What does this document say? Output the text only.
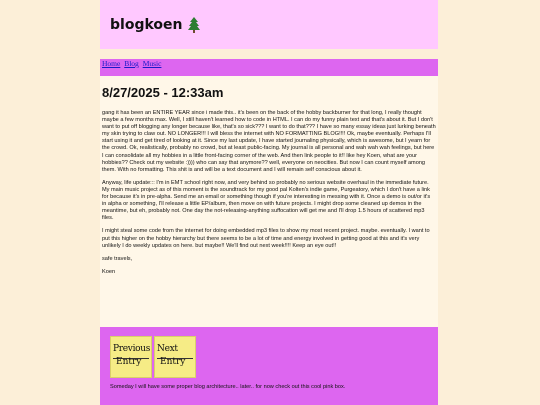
blogkoen
Home Blog Music
8/27/2025 - 12:33am

gang it has been an ENTIRE YEAR since i made this.. it's been on the back of the hobby backburner for that long, I really thought maybe a few months max. Well, I still haven't learned how to code in HTML. I can do my funny plain text and that's about it. But I don't want to put off blogging any longer because like, that's so sick??? I want to do that??? I have so many essay ideas just lurking beneath my skin trying to claw out. NO LONGER!!! I will bless the internet with NO FORMATTING BLOG!!!! Ok, maybe eventually. Perhaps I'll start using it and get tired of looking at it. Since my last update, I have started journaling physically, which is awesome, but I yearn for the crowd. Ok, realistically, probably no crowd, but at least public-facing. My journal is all personal and wah wah wah feelings, but here I can consolidate all my hobbies in a little front-facing corner of the web. And then link people to it!! like hey Koen, what are your hobbies?? Check out my website :)))) who can say that anymore?? well, everyone on neocities. But now I can count myself among them. With no formatting. This shit is and will be a text document and I will remain self conscious about it.

Anyway, life update::: I'm in EMT school right now, and very behind so probably no serious website overhaul in the immediate future. My main music project as of this moment is the soundtrack for my good pal Kolten's indie game, Purgeatory, which I don't have a link for because it's in pre-alpha. Send me an email or something though if you're interesting in messing with it. Once a demo is out/or it's in alpha or something, I'll release a little EP/album, then move on with future projects. I might drop some cleaned up demos in the meantime, but eh, probably not. One day the not-releasing-anything suffocation will get me and I'll drop 1.5 hours of scattered mp3 files.

I might steal some code from the internet for doing embedded mp3 files to show my most recent project. maybe. eventually. I want to put this higher on the hobby hierarchy but there seems to be a lot of time and energy involved in getting good at this and it's very unlikely I do weekly updates on here. but maybe!! We'll find out next week!!!! Keep an eye out!!

safe travels,

Koen

Previous
Entry
Next
Entry
Someday I will have some proper blog architecture.. later.. for now check out this cool pink box.
